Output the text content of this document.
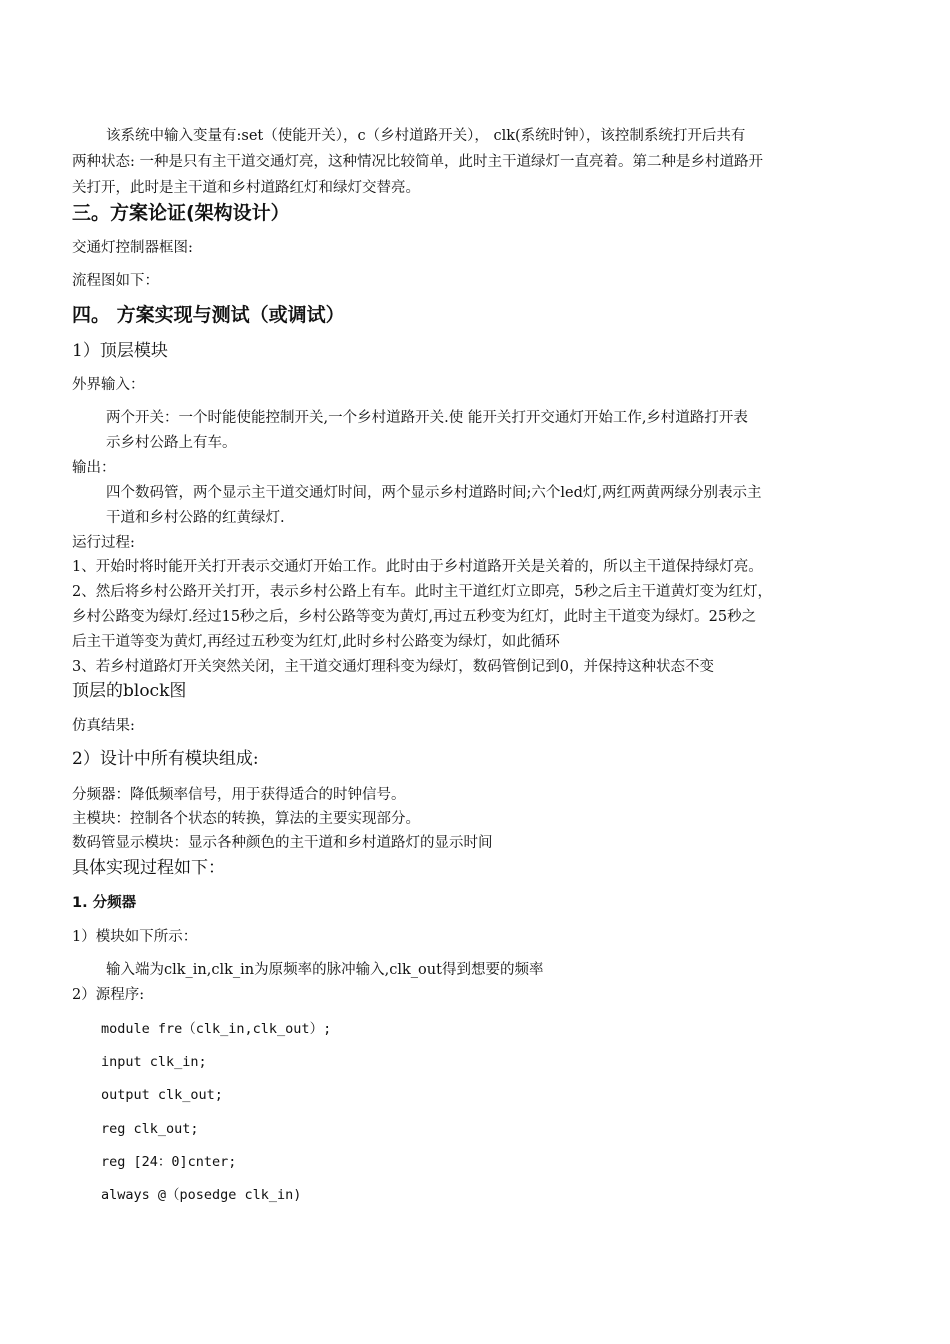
该系统中输入变量有:set（使能开关），c（乡村道路开关）， clk(系统时钟），该控制系统打开后共有
两种状态: 一种是只有主干道交通灯亮，这种情况比较简单，此时主干道绿灯一直亮着。第二种是乡村道路开
关打开，此时是主干道和乡村道路红灯和绿灯交替亮。
三。方案论证(架构设计）
交通灯控制器框图:
流程图如下：
四。 方案实现与测试（或调试）
1）顶层模块
外界输入：
两个开关：一个时能使能控制开关,一个乡村道路开关.使 能开关打开交通灯开始工作,乡村道路打开表
示乡村公路上有车。
输出：
四个数码管，两个显示主干道交通灯时间，两个显示乡村道路时间;六个led灯,两红两黄两绿分别表示主
干道和乡村公路的红黄绿灯.
运行过程:
1、开始时将时能开关打开表示交通灯开始工作。此时由于乡村道路开关是关着的，所以主干道保持绿灯亮。
2、然后将乡村公路开关打开，表示乡村公路上有车。此时主干道红灯立即亮，5秒之后主干道黄灯变为红灯，
乡村公路变为绿灯.经过15秒之后，乡村公路等变为黄灯,再过五秒变为红灯，此时主干道变为绿灯。25秒之
后主干道等变为黄灯,再经过五秒变为红灯,此时乡村公路变为绿灯，如此循环
3、若乡村道路灯开关突然关闭，主干道交通灯理科变为绿灯，数码管倒记到0，并保持这种状态不变
顶层的block图
仿真结果:
2）设计中所有模块组成:
分频器：降低频率信号，用于获得适合的时钟信号。
主模块：控制各个状态的转换，算法的主要实现部分。
数码管显示模块：显示各种颜色的主干道和乡村道路灯的显示时间
具体实现过程如下：
1. 分频器
1）模块如下所示：
输入端为clk_in,clk_in为原频率的脉冲输入,clk_out得到想要的频率
2）源程序:
module fre（clk_in,clk_out）;
input clk_in;
output clk_out;
reg clk_out;
reg [24：0]cnter;
always @（posedge clk_in)
